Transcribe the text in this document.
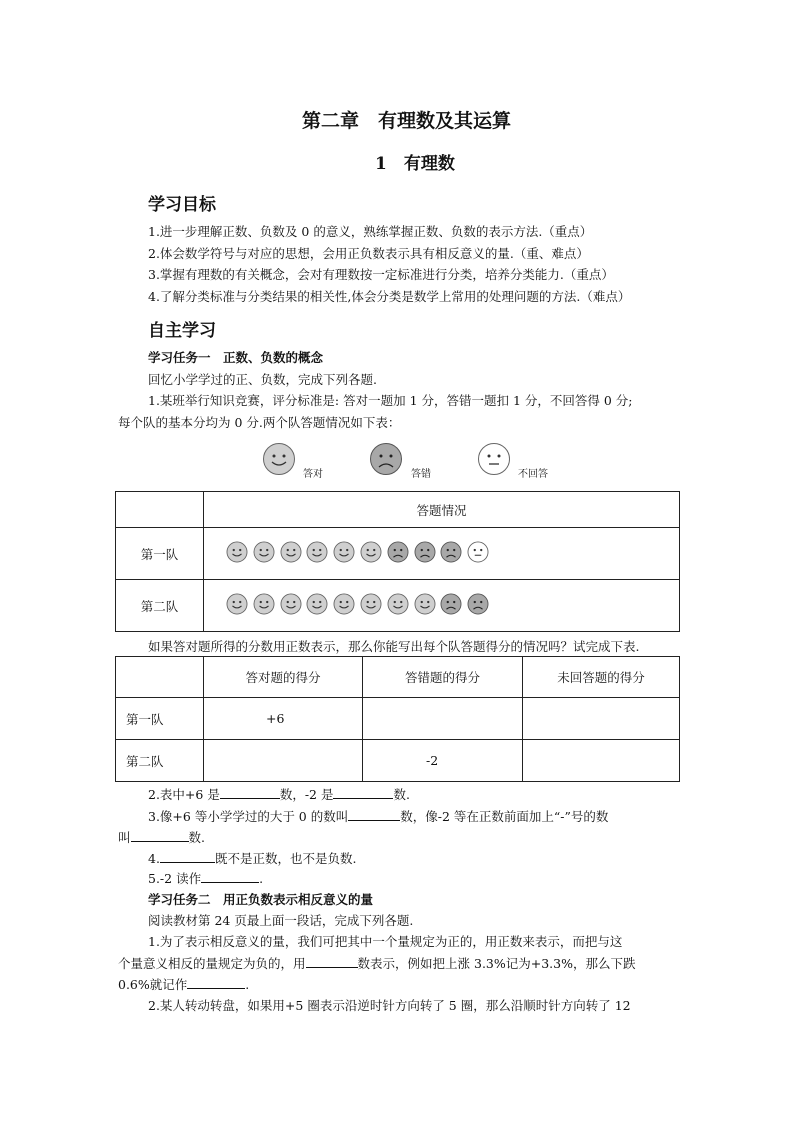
第二章　有理数及其运算
1　有理数
学习目标
1.进一步理解正数、负数及 0 的意义，熟练掌握正数、负数的表示方法.（重点）
2.体会数学符号与对应的思想，会用正负数表示具有相反意义的量.（重、难点）
3.掌握有理数的有关概念，会对有理数按一定标准进行分类，培养分类能力.（重点）
4.了解分类标准与分类结果的相关性,体会分类是数学上常用的处理问题的方法.（难点）
自主学习
学习任务一　正数、负数的概念
回忆小学学过的正、负数，完成下列各题.
1.某班举行知识竞赛，评分标准是: 答对一题加 1 分，答错一题扣 1 分，不回答得 0 分;
每个队的基本分均为 0 分.两个队答题情况如下表：
答对	答错	不回答
	答题情况
第一队	
第二队	
如果答对题所得的分数用正数表示，那么你能写出每个队答题得分的情况吗？试完成下表.
	答对题的得分	答错题的得分	未回答题的得分
第一队	+6		
第二队		-2	
2.表中+6 是	数，-2 是	数.
3.像+6 等小学学过的大于 0 的数叫	数，像-2 等在正数前面加上“-”号的数
叫	数.
4.	既不是正数，也不是负数.
5.-2 读作	.
学习任务二　用正负数表示相反意义的量
阅读教材第 24 页最上面一段话，完成下列各题.
1.为了表示相反意义的量，我们可把其中一个量规定为正的，用正数来表示，而把与这
个量意义相反的量规定为负的，用	数表示，例如把上涨 3.3%记为+3.3%，那么下跌
0.6%就记作	.
2.某人转动转盘，如果用+5 圈表示沿逆时针方向转了 5 圈，那么沿顺时针方向转了 12
